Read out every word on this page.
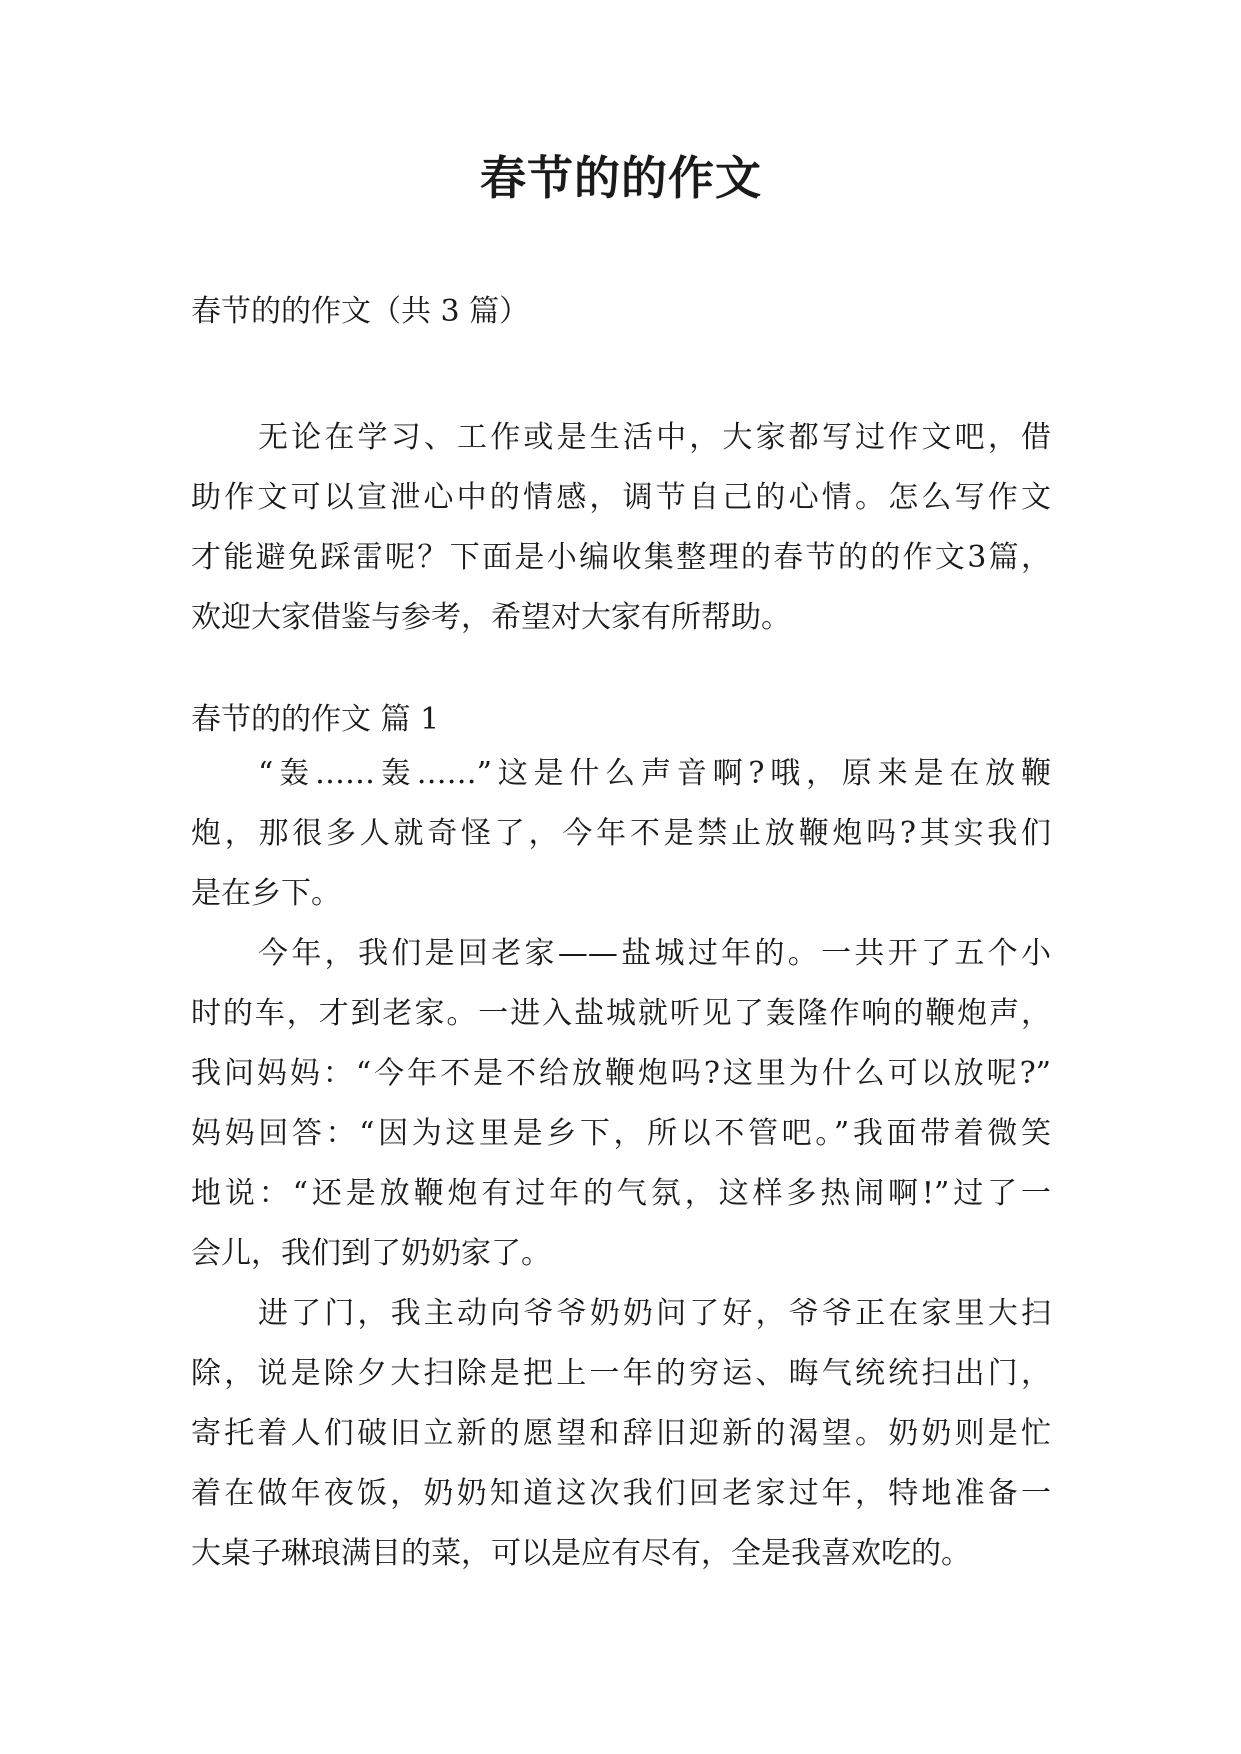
春节的的作文

春节的的作文（共 3 篇）

无论在学习、工作或是生活中，大家都写过作文吧，借
助作文可以宣泄心中的情感，调节自己的心情。怎么写作文
才能避免踩雷呢？下面是小编收集整理的春节的的作文3篇，
欢迎大家借鉴与参考，希望对大家有所帮助。

春节的的作文 篇 1

“轰……轰……”这是什么声音啊?哦，原来是在放鞭
炮，那很多人就奇怪了，今年不是禁止放鞭炮吗?其实我们
是在乡下。

今年，我们是回老家——盐城过年的。一共开了五个小
时的车，才到老家。一进入盐城就听见了轰隆作响的鞭炮声，
我问妈妈：“今年不是不给放鞭炮吗?这里为什么可以放呢?”
妈妈回答：“因为这里是乡下，所以不管吧。”我面带着微笑
地说：“还是放鞭炮有过年的气氛，这样多热闹啊!”过了一
会儿，我们到了奶奶家了。

进了门，我主动向爷爷奶奶问了好，爷爷正在家里大扫
除，说是除夕大扫除是把上一年的穷运、晦气统统扫出门，
寄托着人们破旧立新的愿望和辞旧迎新的渴望。奶奶则是忙
着在做年夜饭，奶奶知道这次我们回老家过年，特地准备一
大桌子琳琅满目的菜，可以是应有尽有，全是我喜欢吃的。
